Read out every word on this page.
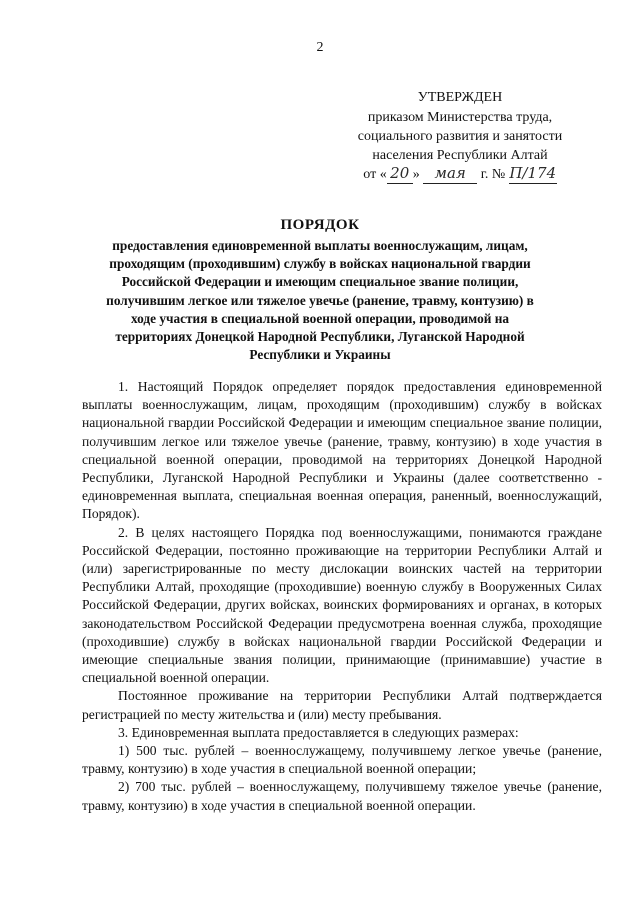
2
УТВЕРЖДЕН
приказом Министерства труда,
социального развития и занятости
населения Республики Алтай
от « 20 » мая г. № П/174
ПОРЯДОК
предоставления единовременной выплаты военнослужащим, лицам, проходящим (проходившим) службу в войсках национальной гвардии Российской Федерации и имеющим специальное звание полиции, получившим легкое или тяжелое увечье (ранение, травму, контузию) в ходе участия в специальной военной операции, проводимой на территориях Донецкой Народной Республики, Луганской Народной Республики и Украины

1. Настоящий Порядок определяет порядок предоставления единовременной выплаты военнослужащим, лицам, проходящим (проходившим) службу в войсках национальной гвардии Российской Федерации и имеющим специальное звание полиции, получившим легкое или тяжелое увечье (ранение, травму, контузию) в ходе участия в специальной военной операции, проводимой на территориях Донецкой Народной Республики, Луганской Народной Республики и Украины (далее соответственно - единовременная выплата, специальная военная операция, раненный, военнослужащий, Порядок).

2. В целях настоящего Порядка под военнослужащими, понимаются граждане Российской Федерации, постоянно проживающие на территории Республики Алтай и (или) зарегистрированные по месту дислокации воинских частей на территории Республики Алтай, проходящие (проходившие) военную службу в Вооруженных Силах Российской Федерации, других войсках, воинских формированиях и органах, в которых законодательством Российской Федерации предусмотрена военная служба, проходящие (проходившие) службу в войсках национальной гвардии Российской Федерации и имеющие специальные звания полиции, принимающие (принимавшие) участие в специальной военной операции.

Постоянное проживание на территории Республики Алтай подтверждается регистрацией по месту жительства и (или) месту пребывания.

3. Единовременная выплата предоставляется в следующих размерах:

1) 500 тыс. рублей – военнослужащему, получившему легкое увечье (ранение, травму, контузию) в ходе участия в специальной военной операции;

2) 700 тыс. рублей – военнослужащему, получившему тяжелое увечье (ранение, травму, контузию) в ходе участия в специальной военной операции.
